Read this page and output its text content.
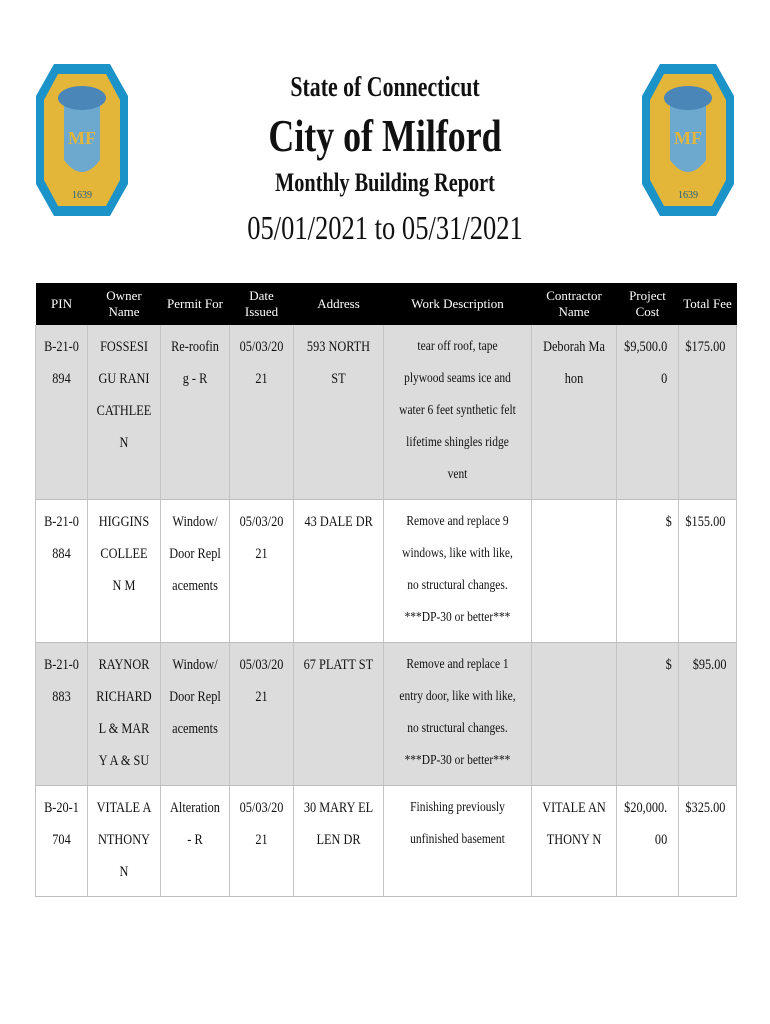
MF
1639
MF
1639
State of Connecticut
City of Milford
Monthly Building Report
05/01/2021 to 05/31/2021
PIN	Owner Name	Permit For	Date Issued	Address	Work Description	Contractor Name	Project Cost	Total Fee
B-21-0894	FOSSESIGU RANI CATHLEEN	Re-roofing - R	05/03/2021	593 NORTH ST	tear off roof, tape plywood seams ice and water 6 feet synthetic felt lifetime shingles ridge vent	Deborah Mahon	$9,500.00	$175.00
B-21-0884	HIGGINS COLLEEN M	Window/Door Replacements	05/03/2021	43 DALE DR	Remove and replace 9 windows, like with like, no structural changes. ***DP-30 or better***		$	$155.00
B-21-0883	RAYNOR RICHARD L & MARY A & SU	Window/Door Replacements	05/03/2021	67 PLATT ST	Remove and replace 1 entry door, like with like, no structural changes. ***DP-30 or better***		$	$95.00
B-20-1704	VITALE ANTHONY N	Alteration - R	05/03/2021	30 MARY ELLEN DR	Finishing previously unfinished basement	VITALE ANTHONY N	$20,000.00	$325.00
